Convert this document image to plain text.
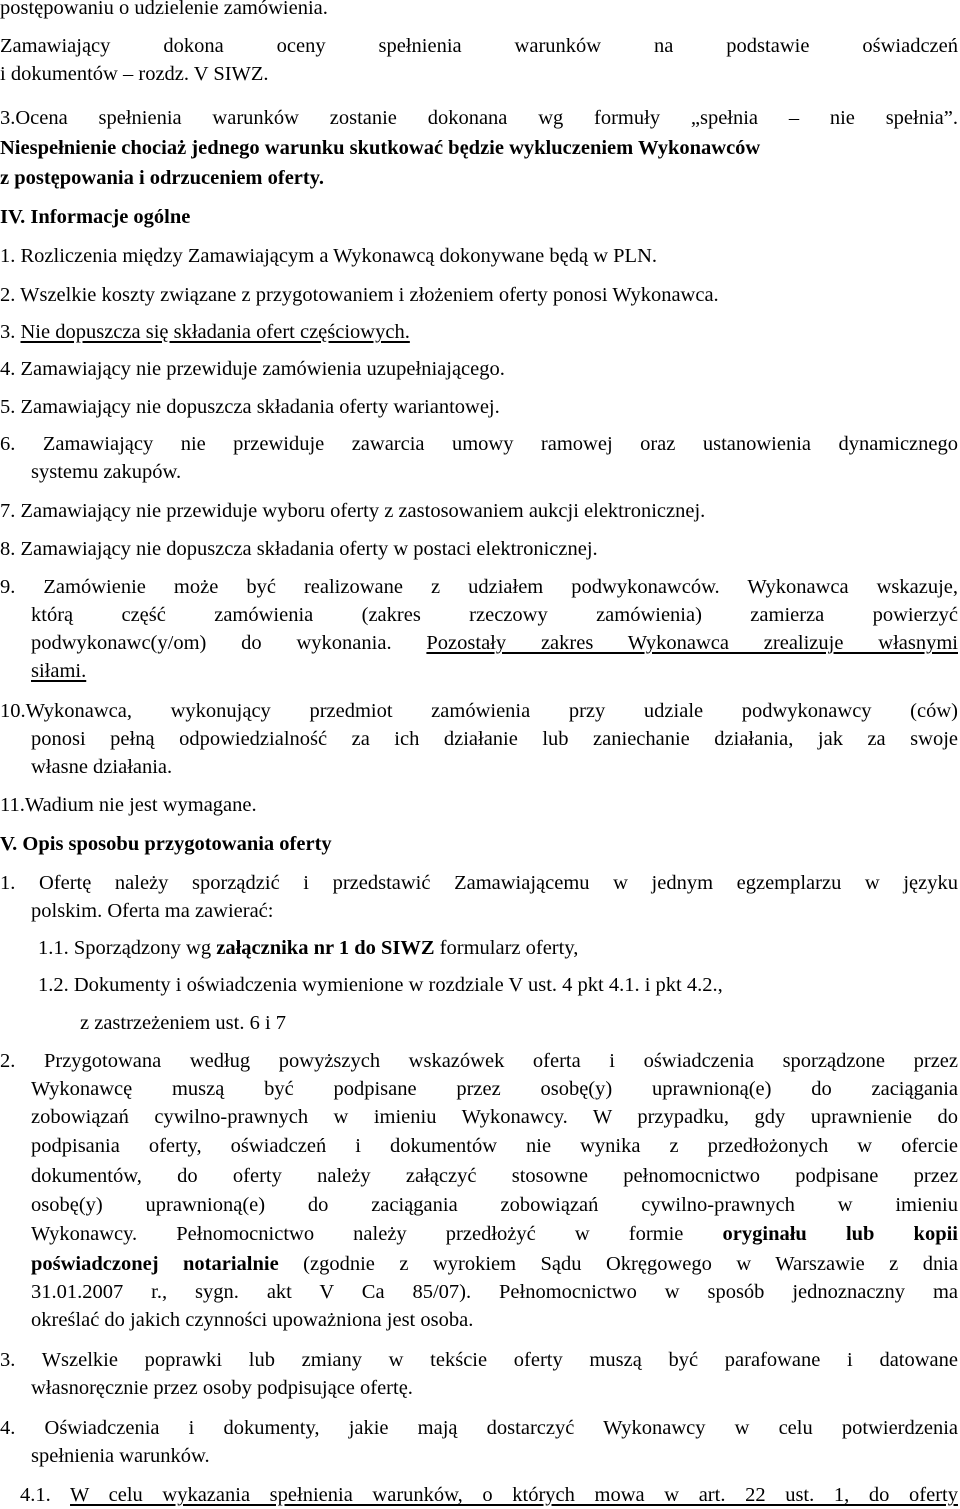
postępowaniu o udzielenie zamówienia.
Zamawiający dokona oceny spełnienia warunków na podstawie oświadczeń
i dokumentów – rozdz. V SIWZ.
3.Ocena spełnienia warunków zostanie dokonana wg formuły „spełnia – nie spełnia”.
Niespełnienie chociaż jednego warunku skutkować będzie wykluczeniem Wykonawców
z postępowania i odrzuceniem oferty.
IV. Informacje ogólne
1. Rozliczenia między Zamawiającym a Wykonawcą dokonywane będą w PLN.
2. Wszelkie koszty związane z przygotowaniem i złożeniem oferty ponosi Wykonawca.
3. Nie dopuszcza się składania ofert częściowych.
4. Zamawiający nie przewiduje zamówienia uzupełniającego.
5. Zamawiający nie dopuszcza składania oferty wariantowej.
6. Zamawiający nie przewiduje zawarcia umowy ramowej oraz ustanowienia dynamicznego
systemu zakupów.
7. Zamawiający nie przewiduje wyboru oferty z zastosowaniem aukcji elektronicznej.
8. Zamawiający nie dopuszcza składania oferty w postaci elektronicznej.
9. Zamówienie może być realizowane z udziałem podwykonawców. Wykonawca wskazuje,
którą część zamówienia (zakres rzeczowy zamówienia) zamierza powierzyć
podwykonawc(y/om) do wykonania. Pozostały zakres Wykonawca zrealizuje własnymi
siłami.
10.Wykonawca, wykonujący przedmiot zamówienia przy udziale podwykonawcy (ców)
ponosi pełną odpowiedzialność za ich działanie lub zaniechanie działania, jak za swoje
własne działania.
11.Wadium nie jest wymagane.
V. Opis sposobu przygotowania oferty
1. Ofertę należy sporządzić i przedstawić Zamawiającemu w jednym egzemplarzu w języku
polskim. Oferta ma zawierać:
1.1. Sporządzony wg załącznika nr 1 do SIWZ formularz oferty,
1.2. Dokumenty i oświadczenia wymienione w rozdziale V ust. 4 pkt 4.1. i pkt 4.2.,
z zastrzeżeniem ust. 6 i 7
2. Przygotowana według powyższych wskazówek oferta i oświadczenia sporządzone przez
Wykonawcę muszą być podpisane przez osobę(y) uprawnioną(e) do zaciągania
zobowiązań cywilno-prawnych w imieniu Wykonawcy. W przypadku, gdy uprawnienie do
podpisania oferty, oświadczeń i dokumentów nie wynika z przedłożonych w ofercie
dokumentów, do oferty należy załączyć stosowne pełnomocnictwo podpisane przez
osobę(y) uprawnioną(e) do zaciągania zobowiązań cywilno-prawnych w imieniu
Wykonawcy. Pełnomocnictwo należy przedłożyć w formie oryginału lub kopii
poświadczonej notarialnie (zgodnie z wyrokiem Sądu Okręgowego w Warszawie z dnia
31.01.2007 r., sygn. akt V Ca 85/07). Pełnomocnictwo w sposób jednoznaczny ma
określać do jakich czynności upoważniona jest osoba.
3. Wszelkie poprawki lub zmiany w tekście oferty muszą być parafowane i datowane
własnoręcznie przez osoby podpisujące ofertę.
4. Oświadczenia i dokumenty, jakie mają dostarczyć Wykonawcy w celu potwierdzenia
spełnienia warunków.
4.1. W celu wykazania spełnienia warunków, o których mowa w art. 22 ust. 1, do oferty
